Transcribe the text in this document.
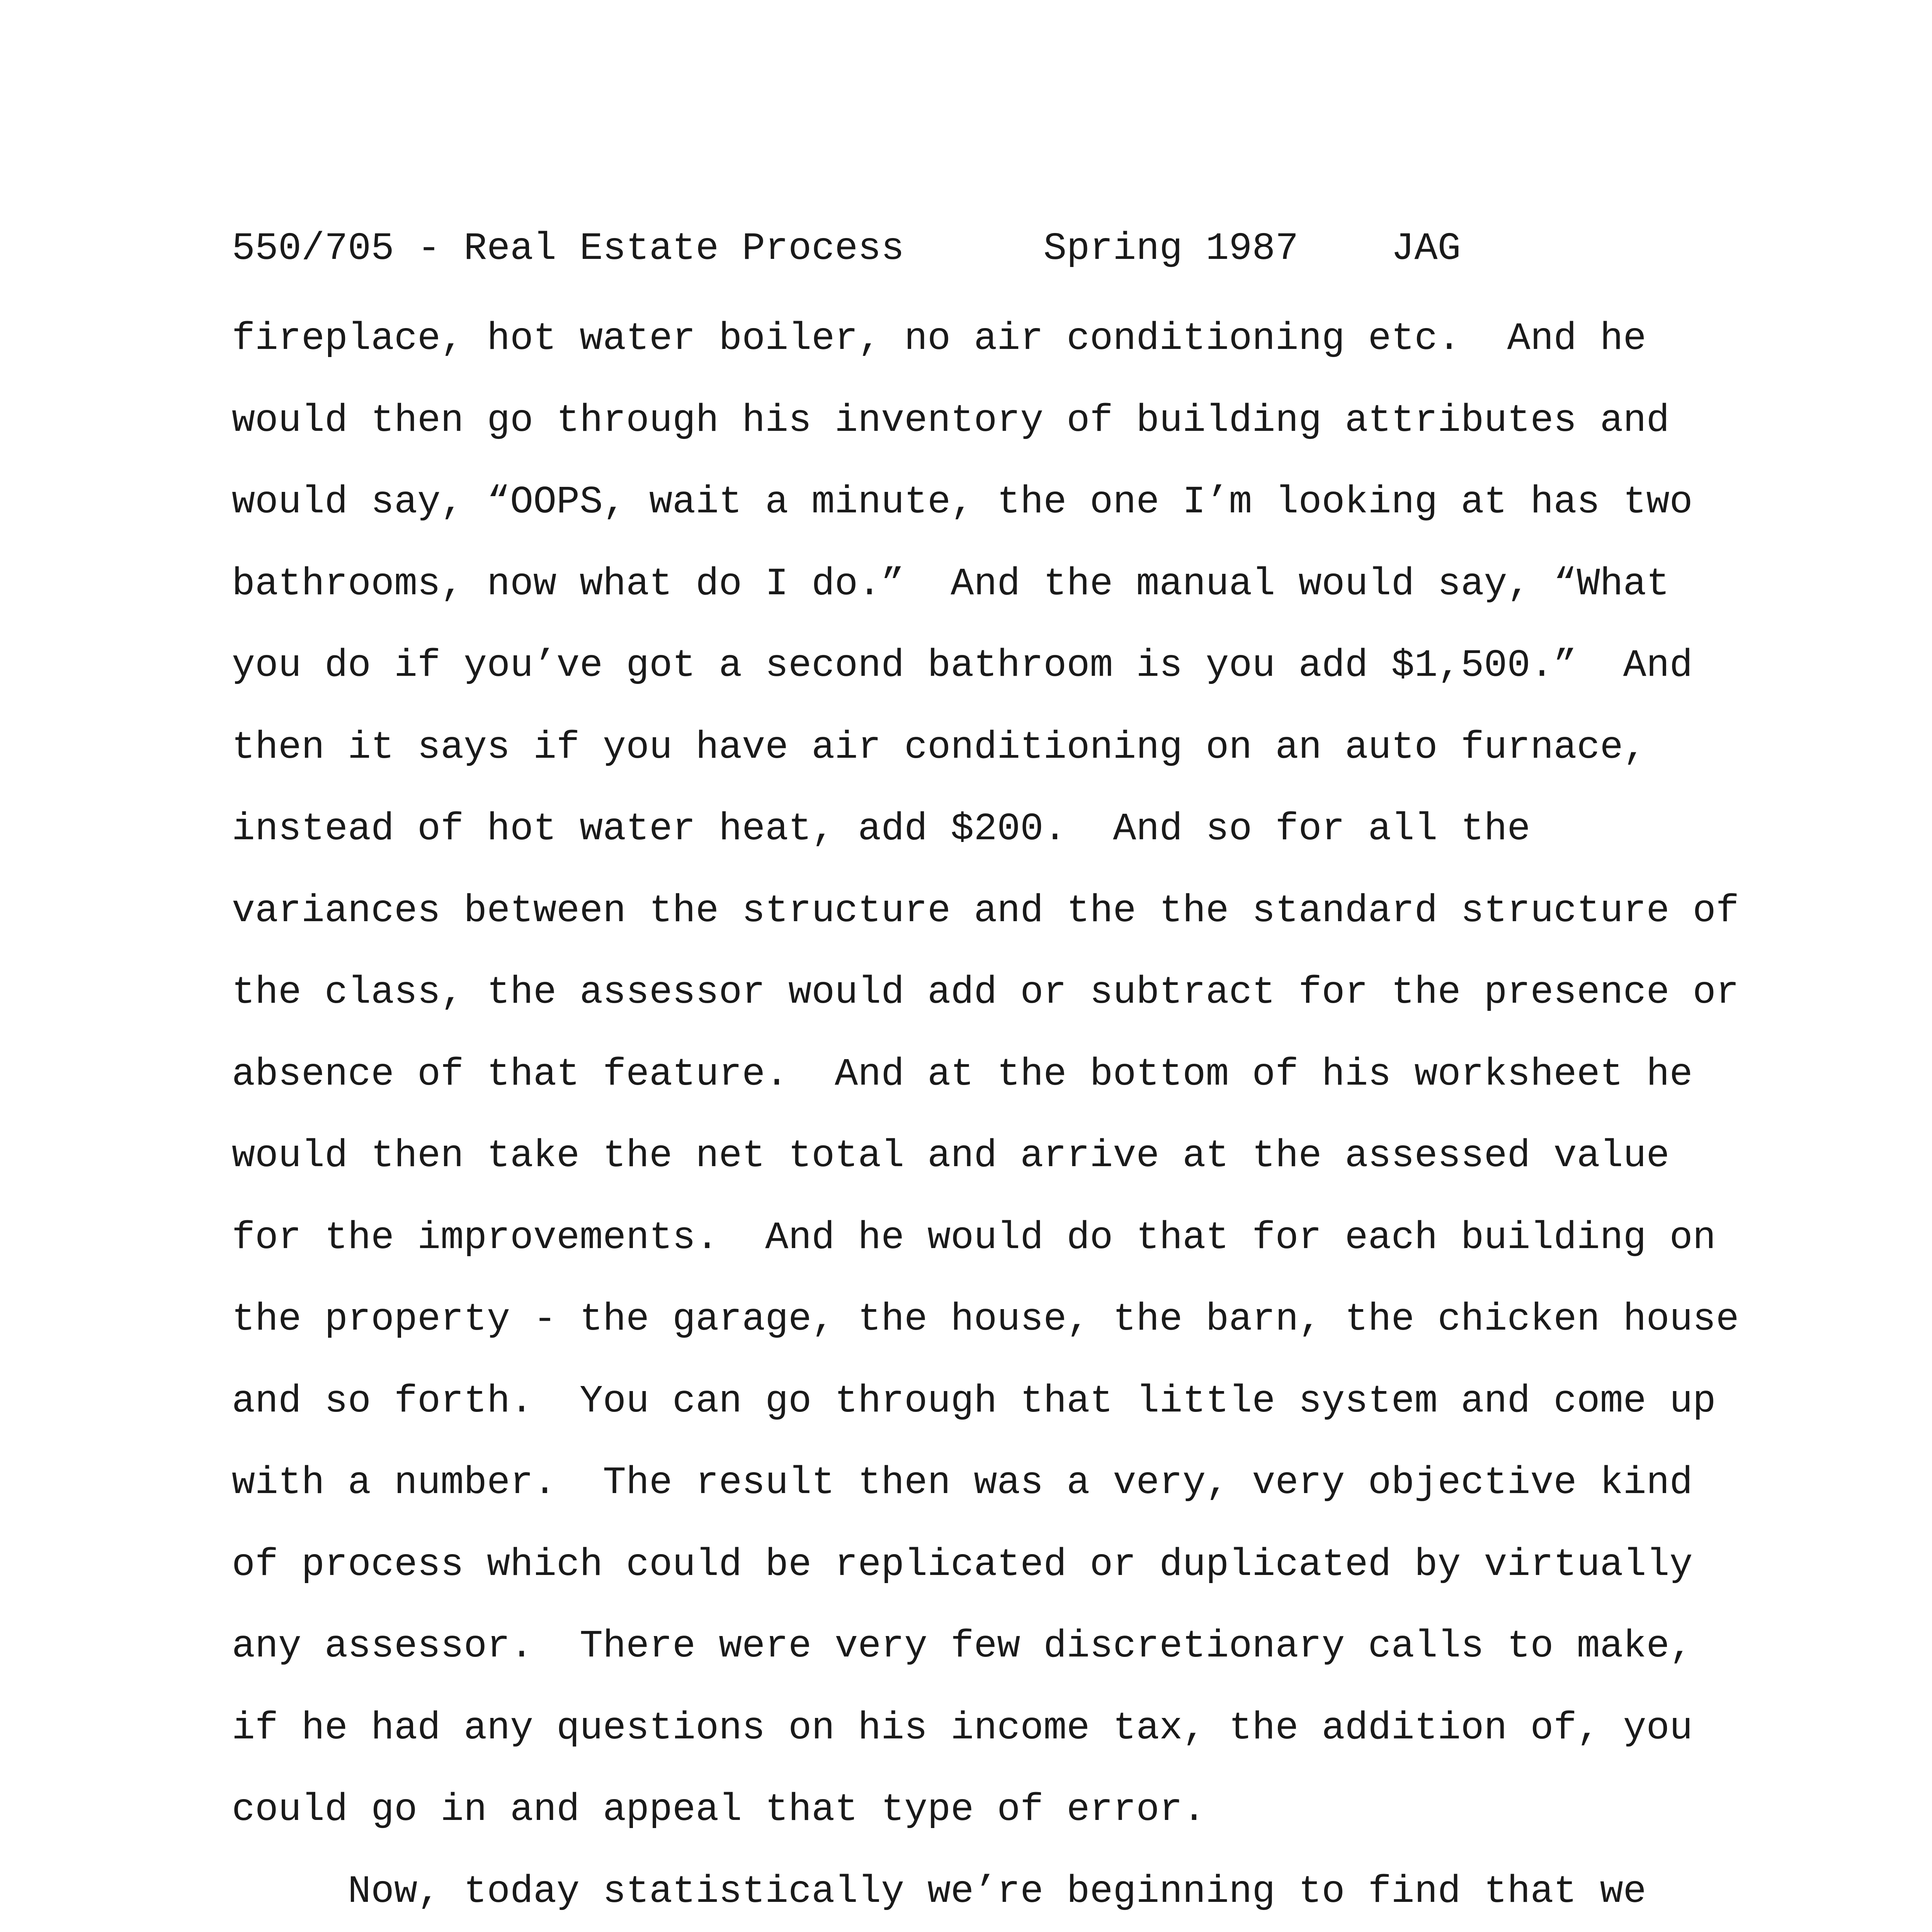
550/705 - Real Estate Process      Spring 1987    JAG
fireplace, hot water boiler, no air conditioning etc.  And he
would then go through his inventory of building attributes and
would say, “OOPS, wait a minute, the one I’m looking at has two
bathrooms, now what do I do.”  And the manual would say, “What
you do if you’ve got a second bathroom is you add $1,500.”  And
then it says if you have air conditioning on an auto furnace,
instead of hot water heat, add $200.  And so for all the
variances between the structure and the the standard structure of
the class, the assessor would add or subtract for the presence or
absence of that feature.  And at the bottom of his worksheet he
would then take the net total and arrive at the assessed value
for the improvements.  And he would do that for each building on
the property - the garage, the house, the barn, the chicken house
and so forth.  You can go through that little system and come up
with a number.  The result then was a very, very objective kind
of process which could be replicated or duplicated by virtually
any assessor.  There were very few discretionary calls to make,
if he had any questions on his income tax, the addition of, you
could go in and appeal that type of error.
Now, today statistically we’re beginning to find that we
